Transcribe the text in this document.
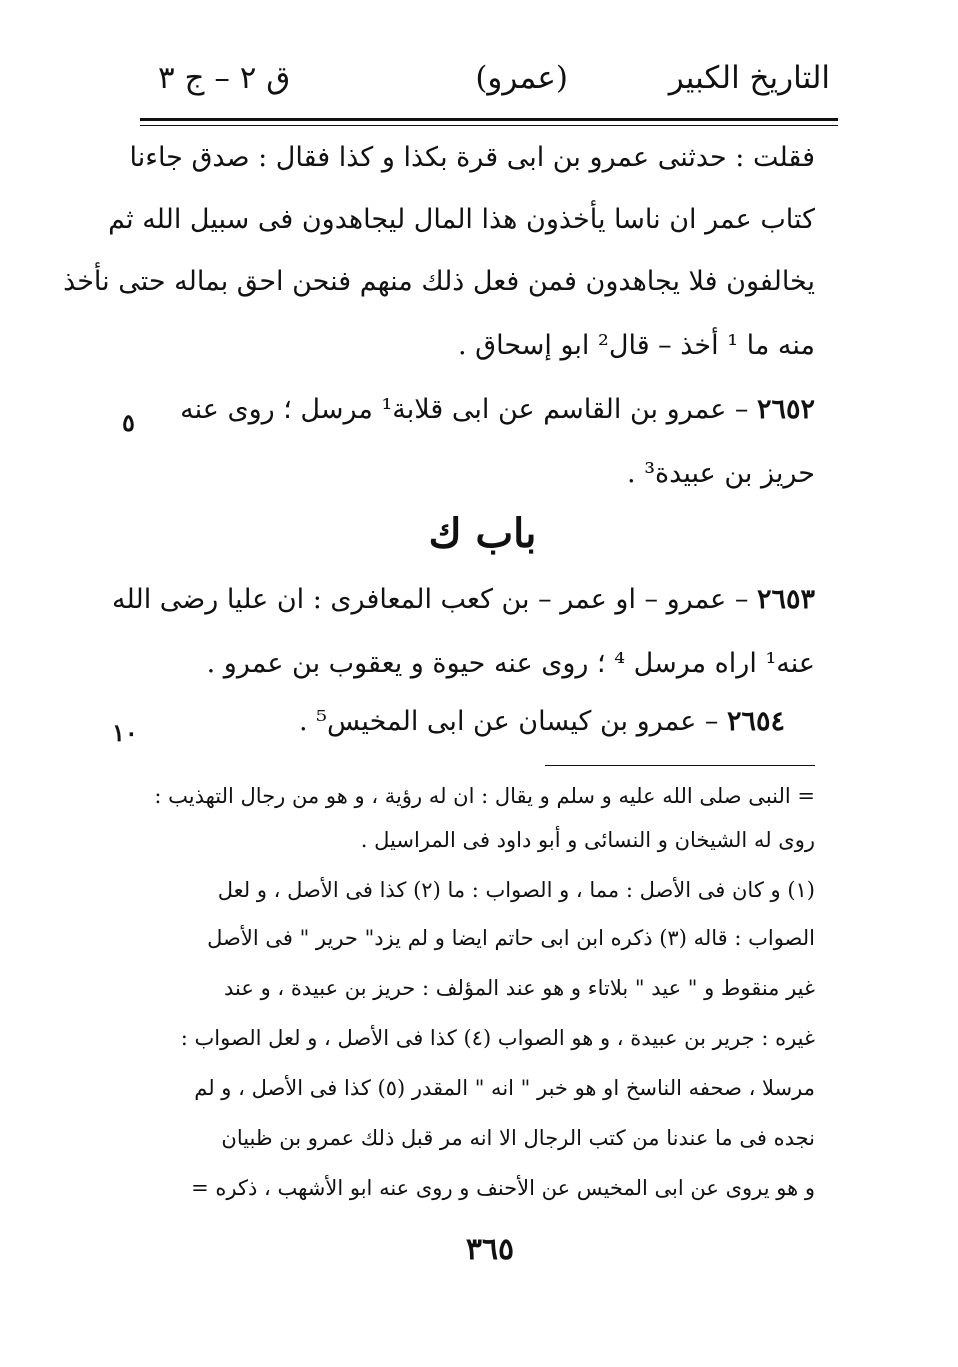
التاريخ الكبير
(عمرو)
ق ٢ – ج ٣
فقلت : حدثنى عمرو بن ابى قرة بكذا و كذا فقال : صدق جاءنا
كتاب عمر ان ناسا يأخذون هذا المال ليجاهدون فى سبيل الله ثم
يخالفون فلا يجاهدون فمن فعل ذلك منهم فنحن احق بماله حتى نأخذ
منه ما ¹ أخذ – قال² ابو إسحاق .
٢٦٥٢ – عمرو بن القاسم عن ابى قلابة¹ مرسل ؛ روى عنه
حريز بن عبيدة³ .
٢٦٥٣ – عمرو – او عمر – بن كعب المعافرى : ان عليا رضى الله
عنه¹ اراه مرسل ⁴ ؛ روى عنه حيوة و يعقوب بن عمرو .
٢٦٥٤ – عمرو بن كيسان عن ابى المخيس⁵ .
باب ك
٥
١٠
= النبى صلى الله عليه و سلم و يقال : ان له رؤية ، و هو من رجال التهذيب :
روى له الشيخان و النسائى و أبو داود فى المراسيل .
(١) و كان فى الأصل : مما ، و الصواب : ما (٢) كذا فى الأصل ، و لعل
الصواب : قاله (٣) ذكره ابن ابى حاتم ايضا و لم يزد" حرير " فى الأصل
غير منقوط و " عيد " بلاتاء و هو عند المؤلف : حريز بن عبيدة ، و عند
غيره : جرير بن عبيدة ، و هو الصواب (٤) كذا فى الأصل ، و لعل الصواب :
مرسلا ، صحفه الناسخ او هو خبر " انه " المقدر (٥) كذا فى الأصل ، و لم
نجده فى ما عندنا من كتب الرجال الا انه مر قبل ذلك عمرو بن ظبيان
و هو يروى عن ابى المخيس عن الأحنف و روى عنه ابو الأشهب ، ذكره =
٣٦٥
